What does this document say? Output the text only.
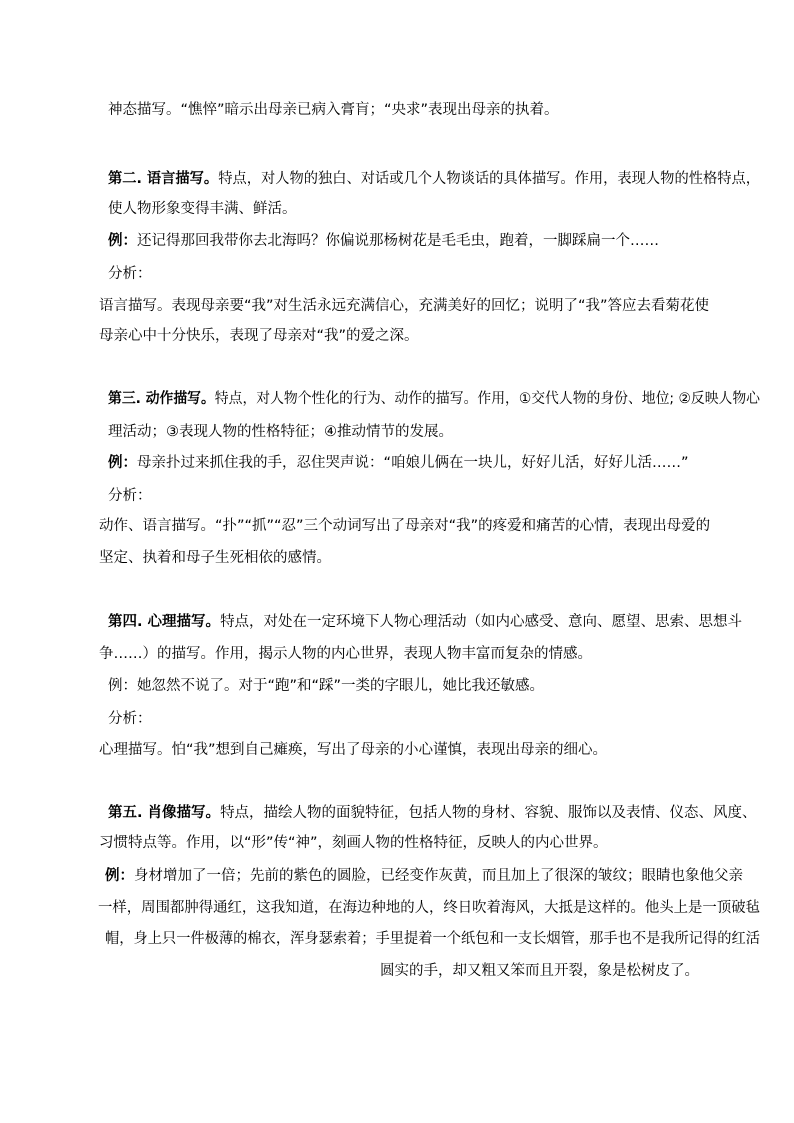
神态描写。“憔悴”暗示出母亲已病入膏肓；“央求”表现出母亲的执着。
第二. 语言描写。特点，对人物的独白、对话或几个人物谈话的具体描写。作用，表现人物的性格特点，
使人物形象变得丰满、鲜活。
例：还记得那回我带你去北海吗？你偏说那杨树花是毛毛虫，跑着，一脚踩扁一个……
分析：
语言描写。表现母亲要“我”对生活永远充满信心，充满美好的回忆；说明了“我”答应去看菊花使
母亲心中十分快乐，表现了母亲对“我”的爱之深。
第三. 动作描写。特点，对人物个性化的行为、动作的描写。作用，①交代人物的身份、地位; ②反映人物心
理活动；③表现人物的性格特征；④推动情节的发展。
例：母亲扑过来抓住我的手，忍住哭声说：“咱娘儿俩在一块儿，好好儿活，好好儿活……”
分析：
动作、语言描写。“扑”“抓”“忍”三个动词写出了母亲对“我”的疼爱和痛苦的心情，表现出母爱的
坚定、执着和母子生死相依的感情。
第四. 心理描写。特点，对处在一定环境下人物心理活动（如内心感受、意向、愿望、思索、思想斗
争……）的描写。作用，揭示人物的内心世界，表现人物丰富而复杂的情感。
例：她忽然不说了。对于“跑”和“踩”一类的字眼儿，她比我还敏感。
分析：
心理描写。怕“我”想到自己瘫痪，写出了母亲的小心谨慎，表现出母亲的细心。
第五. 肖像描写。特点，描绘人物的面貌特征，包括人物的身材、容貌、服饰以及表情、仪态、风度、
习惯特点等。作用，以“形”传“神”，刻画人物的性格特征，反映人的内心世界。
例：身材增加了一倍；先前的紫色的圆脸，已经变作灰黄，而且加上了很深的皱纹；眼睛也象他父亲
一样，周围都肿得通红，这我知道，在海边种地的人，终日吹着海风，大抵是这样的。他头上是一顶破毡
帽，身上只一件极薄的棉衣，浑身瑟索着；手里提着一个纸包和一支长烟管，那手也不是我所记得的红活
圆实的手，却又粗又笨而且开裂，象是松树皮了。
